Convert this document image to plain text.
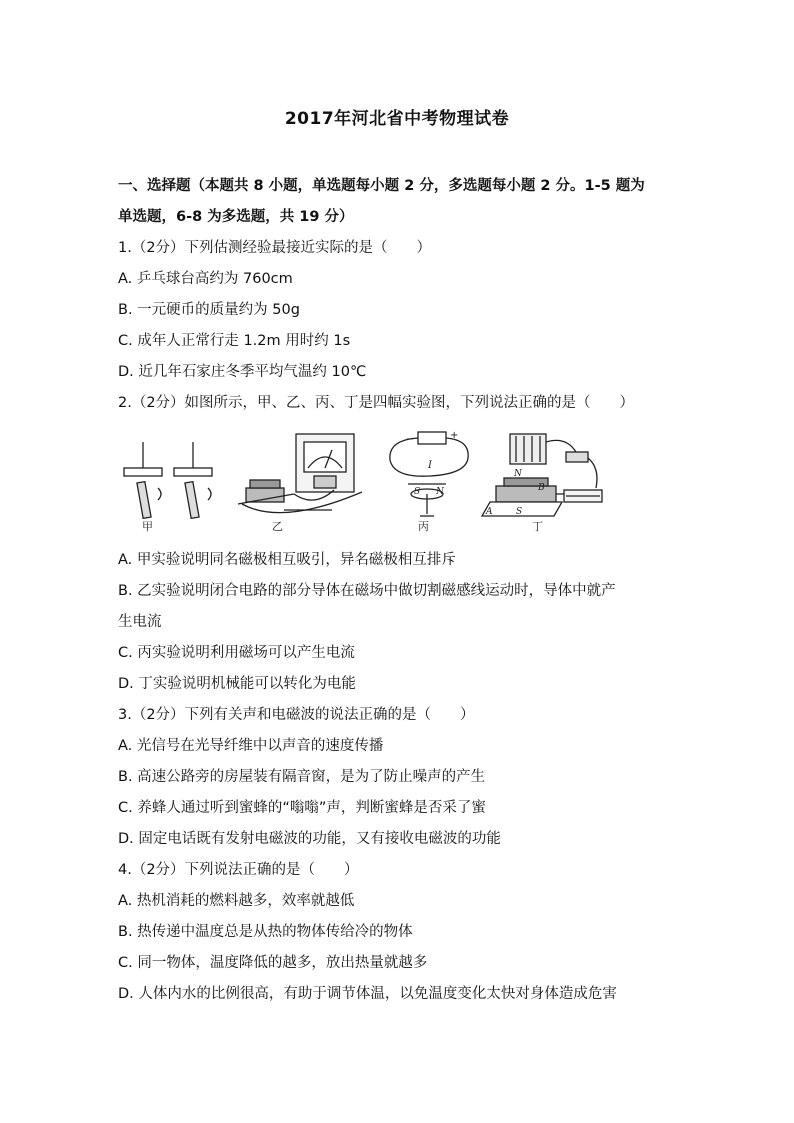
2017年河北省中考物理试卷
一、选择题（本题共 8 小题，单选题每小题 2 分，多选题每小题 2 分。1-5 题为
单选题，6-8 为多选题，共 19 分）
1.（2分）下列估测经验最接近实际的是（　　）
A. 乒乓球台高约为 760cm
B. 一元硬币的质量约为 50g
C. 成年人正常行走 1.2m 用时约 1s
D. 近几年石家庄冬季平均气温约 10℃
2.（2分）如图所示，甲、乙、丙、丁是四幅实验图，下列说法正确的是（　　）
甲	乙
−	+
I
S N
丙
N
B
A	S
丁
A. 甲实验说明同名磁极相互吸引，异名磁极相互排斥
B. 乙实验说明闭合电路的部分导体在磁场中做切割磁感线运动时，导体中就产
生电流
C. 丙实验说明利用磁场可以产生电流
D. 丁实验说明机械能可以转化为电能
3.（2分）下列有关声和电磁波的说法正确的是（　　）
A. 光信号在光导纤维中以声音的速度传播
B. 高速公路旁的房屋装有隔音窗，是为了防止噪声的产生
C. 养蜂人通过听到蜜蜂的“嗡嗡”声，判断蜜蜂是否采了蜜
D. 固定电话既有发射电磁波的功能，又有接收电磁波的功能
4.（2分）下列说法正确的是（　　）
A. 热机消耗的燃料越多，效率就越低
B. 热传递中温度总是从热的物体传给冷的物体
C. 同一物体，温度降低的越多，放出热量就越多
D. 人体内水的比例很高，有助于调节体温，以免温度变化太快对身体造成危害
